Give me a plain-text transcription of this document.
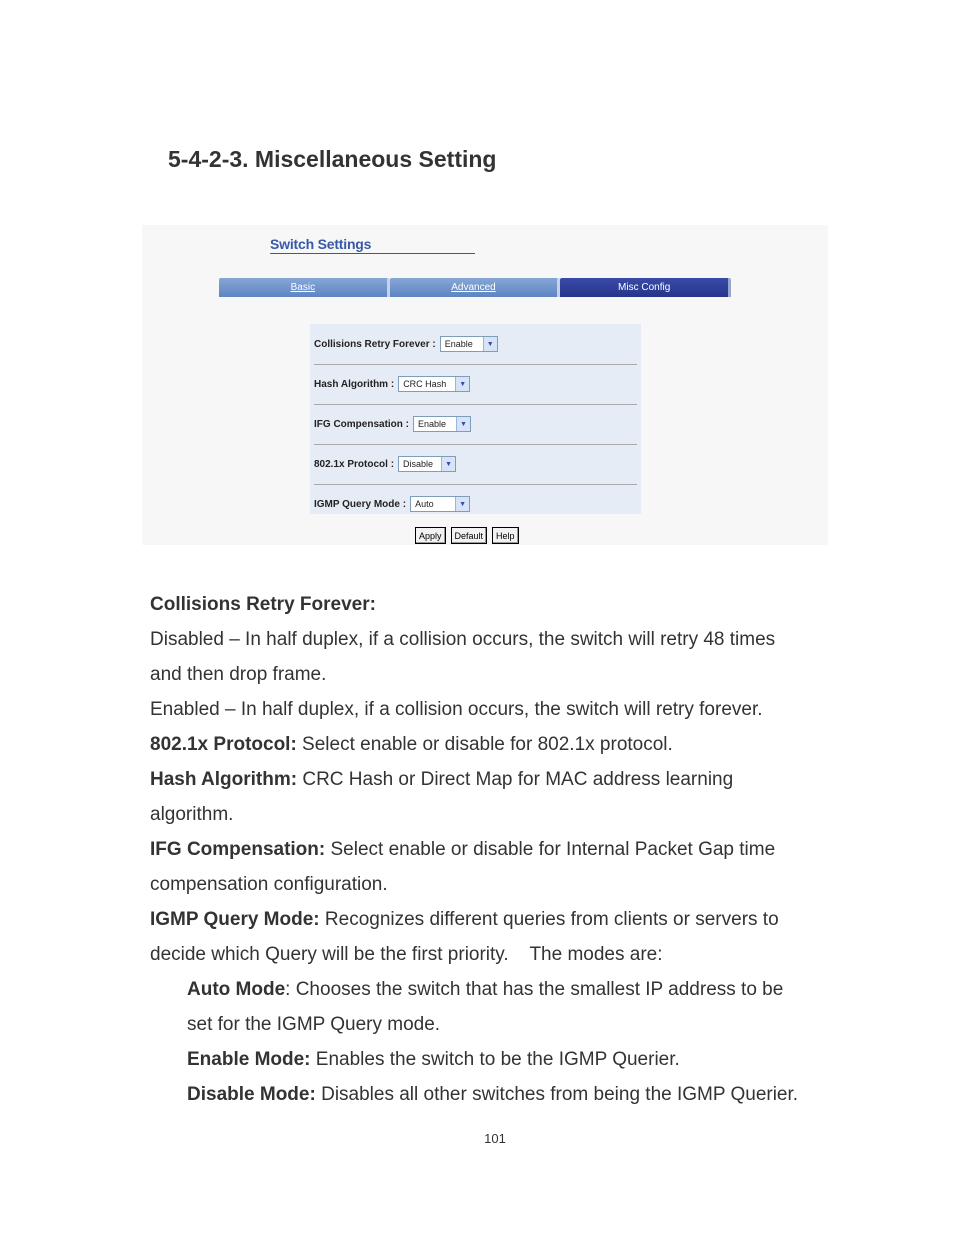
5-4-2-3. Miscellaneous Setting
Switch Settings
Basic	Advanced	Misc Config
Collisions Retry Forever :	Enable	▼
Hash Algorithm :	CRC Hash	▼
IFG Compensation :	Enable	▼
802.1x Protocol :	Disable	▼
IGMP Query Mode :	Auto	▼
Apply	Default	Help
Collisions Retry Forever:
Disabled – In half duplex, if a collision occurs, the switch will retry 48 times
and then drop frame.
Enabled – In half duplex, if a collision occurs, the switch will retry forever.
802.1x Protocol: Select enable or disable for 802.1x protocol.
Hash Algorithm: CRC Hash or Direct Map for MAC address learning
algorithm.
IFG Compensation: Select enable or disable for Internal Packet Gap time
compensation configuration.
IGMP Query Mode: Recognizes different queries from clients or servers to
decide which Query will be the first priority.    The modes are:
Auto Mode: Chooses the switch that has the smallest IP address to be
set for the IGMP Query mode.
Enable Mode: Enables the switch to be the IGMP Querier.
Disable Mode: Disables all other switches from being the IGMP Querier.
101
